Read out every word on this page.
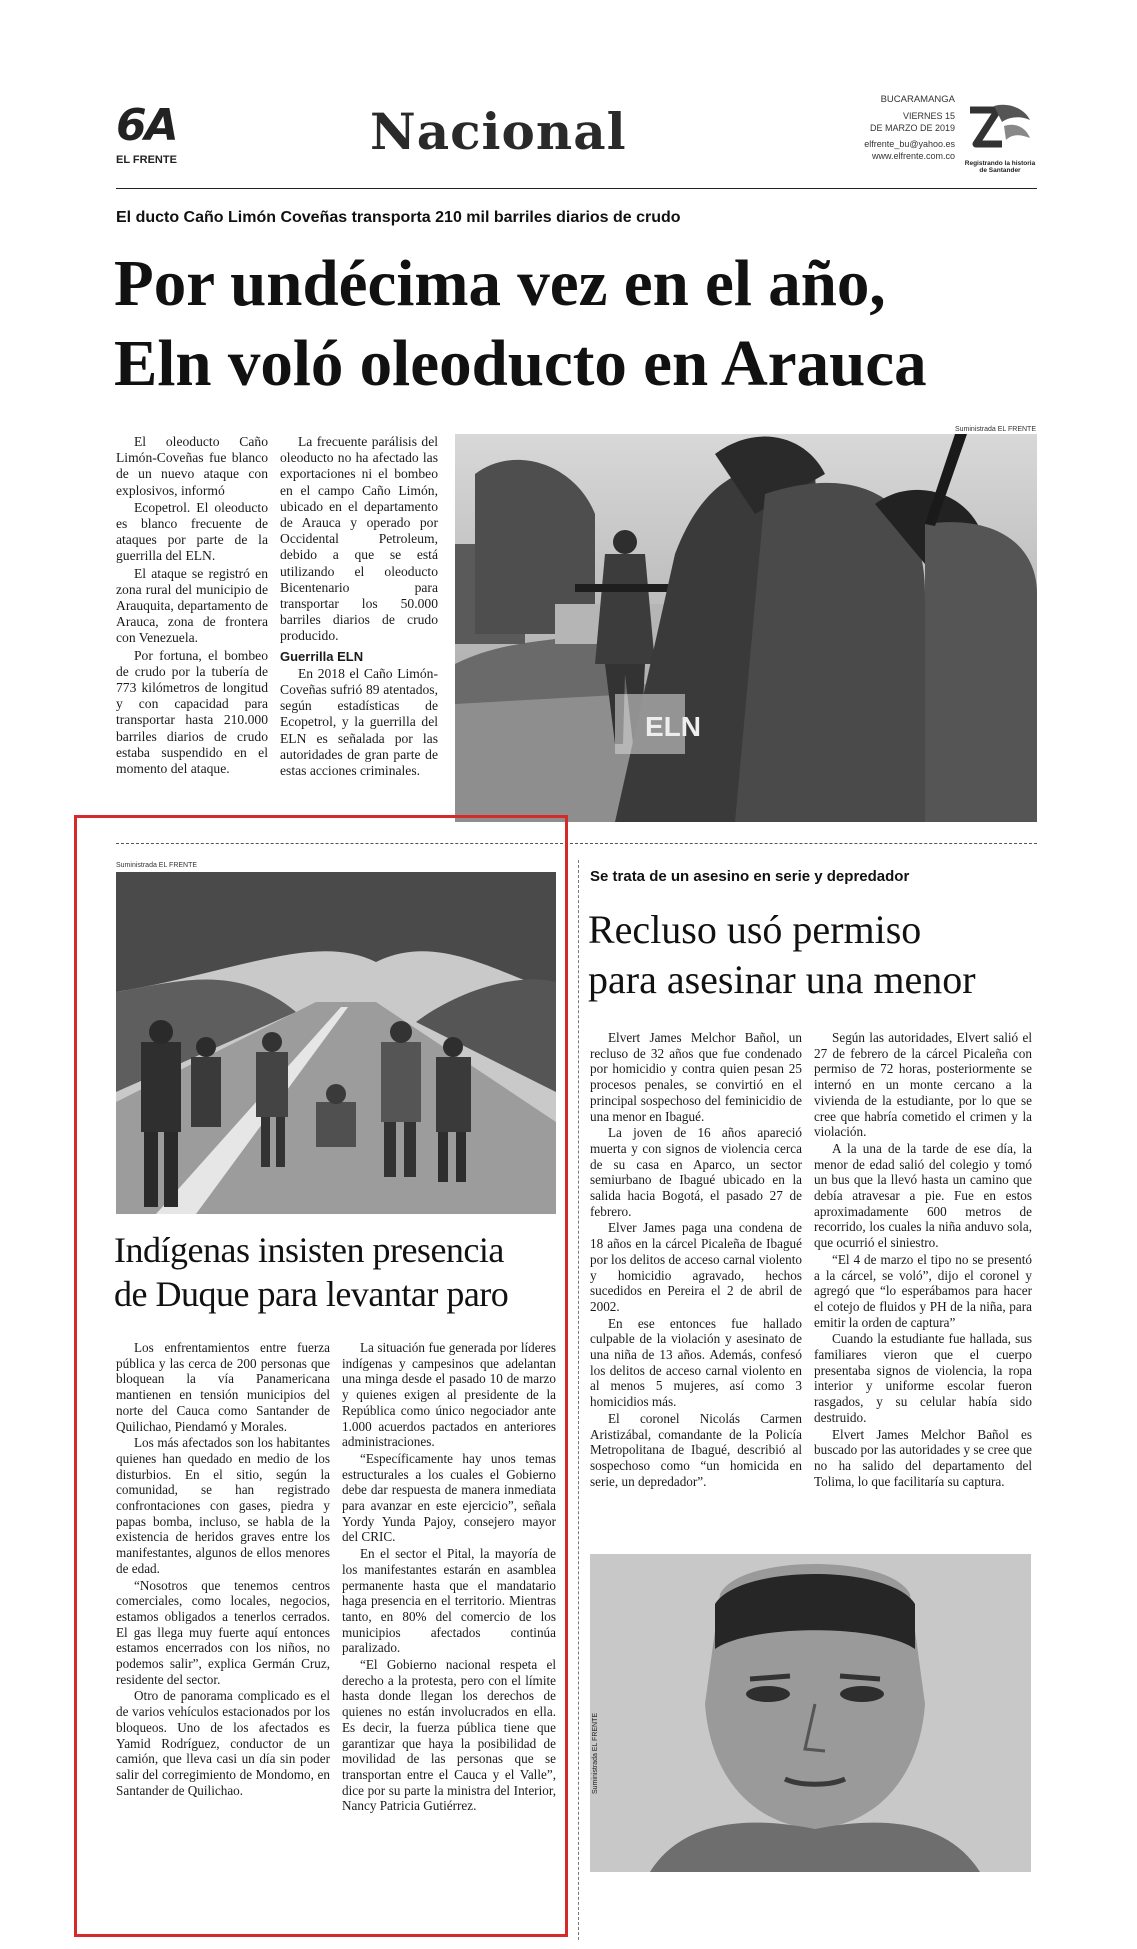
6A
EL FRENTE	Nacional
BUCARAMANGA
VIERNES 15
DE MARZO DE 2019
elfrente_bu@yahoo.es
www.elfrente.com.co
Registrando la historia de Santander
El ducto Caño Limón Coveñas transporta 210 mil barriles diarios de crudo
Por undécima vez en el año,
Eln voló oleoducto en Arauca

El oleoducto Caño Limón-Coveñas fue blanco de un nuevo ataque con explosivos, informó

Ecopetrol. El oleoducto es blanco frecuente de ataques por parte de la guerrilla del ELN.

El ataque se registró en zona rural del municipio de Arauquita, departamento de Arauca, zona de frontera con Venezuela.

Por fortuna, el bombeo de crudo por la tubería de 773 kilómetros de longitud y con capacidad para transportar hasta 210.000 barriles diarios de crudo estaba suspendido en el momento del ataque.

La frecuente parálisis del oleoducto no ha afectado las exportaciones ni el bombeo en el campo Caño Limón, ubicado en el departamento de Arauca y operado por Occidental Petroleum, debido a que se está utilizando el oleoducto Bicentenario para transportar los 50.000 barriles diarios de crudo producido.

Guerrilla ELN

En 2018 el Caño Limón-Coveñas sufrió 89 atentados, según estadísticas de Ecopetrol, y la guerrilla del ELN es señalada por las autoridades de gran parte de estas acciones criminales.

Suministrada EL FRENTE
ELN
Suministrada EL FRENTE
Indígenas insisten presencia
de Duque para levantar paro

Los enfrentamientos entre fuerza pública y las cerca de 200 personas que bloquean la vía Panamericana mantienen en tensión municipios del norte del Cauca como Santander de Quilichao, Piendamó y Morales.

Los más afectados son los habitantes quienes han quedado en medio de los disturbios. En el sitio, según la comunidad, se han registrado confrontaciones con gases, piedra y papas bomba, incluso, se habla de la existencia de heridos graves entre los manifestantes, algunos de ellos menores de edad.

“Nosotros que tenemos centros comerciales, como locales, negocios, estamos obligados a tenerlos cerrados. El gas llega muy fuerte aquí entonces estamos encerrados con los niños, no podemos salir”, explica Germán Cruz, residente del sector.

Otro de panorama complicado es el de varios vehículos estacionados por los bloqueos. Uno de los afectados es Yamid Rodríguez, conductor de un camión, que lleva casi un día sin poder salir del corregimiento de Mondomo, en Santander de Quilichao.

La situación fue generada por líderes indígenas y campesinos que adelantan una minga desde el pasado 10 de marzo y quienes exigen al presidente de la República como único negociador ante 1.000 acuerdos pactados en anteriores administraciones.

“Específicamente hay unos temas estructurales a los cuales el Gobierno debe dar respuesta de manera inmediata para avanzar en este ejercicio”, señala Yordy Yunda Pajoy, consejero mayor del CRIC.

En el sector el Pital, la mayoría de los manifestantes estarán en asamblea permanente hasta que el mandatario haga presencia en el territorio. Mientras tanto, en 80% del comercio de los municipios afectados continúa paralizado.

“El Gobierno nacional respeta el derecho a la protesta, pero con el límite hasta donde llegan los derechos de quienes no están involucrados en ella. Es decir, la fuerza pública tiene que garantizar que haya la posibilidad de movilidad de las personas que se transportan entre el Cauca y el Valle”, dice por su parte la ministra del Interior, Nancy Patricia Gutiérrez.

Se trata de un asesino en serie y depredador
Recluso usó permiso
para asesinar una menor

Elvert James Melchor Bañol, un recluso de 32 años que fue condenado por homicidio y contra quien pesan 25 procesos penales, se convirtió en el principal sospechoso del feminicidio de una menor en Ibagué.

La joven de 16 años apareció muerta y con signos de violencia cerca de su casa en Aparco, un sector semiurbano de Ibagué ubicado en la salida hacia Bogotá, el pasado 27 de febrero.

Elver James paga una condena de 18 años en la cárcel Picaleña de Ibagué por los delitos de acceso carnal violento y homicidio agravado, hechos sucedidos en Pereira el 2 de abril de 2002.

En ese entonces fue hallado culpable de la violación y asesinato de una niña de 13 años. Además, confesó los delitos de acceso carnal violento en al menos 5 mujeres, así como 3 homicidios más.

El coronel Nicolás Carmen Aristizábal, comandante de la Policía Metropolitana de Ibagué, describió al sospechoso como “un homicida en serie, un depredador”.

Según las autoridades, Elvert salió el 27 de febrero de la cárcel Picaleña con permiso de 72 horas, posteriormente se internó en un monte cercano a la vivienda de la estudiante, por lo que se cree que habría cometido el crimen y la violación.

A la una de la tarde de ese día, la menor de edad salió del colegio y tomó un bus que la llevó hasta un camino que debía atravesar a pie. Fue en estos aproximadamente 600 metros de recorrido, los cuales la niña anduvo sola, que ocurrió el siniestro.

“El 4 de marzo el tipo no se presentó a la cárcel, se voló”, dijo el coronel y agregó que “lo esperábamos para hacer el cotejo de fluidos y PH de la niña, para emitir la orden de captura”

Cuando la estudiante fue hallada, sus familiares vieron que el cuerpo presentaba signos de violencia, la ropa interior y uniforme escolar fueron rasgados, y su celular había sido destruido.

Elvert James Melchor Bañol es buscado por las autoridades y se cree que no ha salido del departamento del Tolima, lo que facilitaría su captura.

Suministrada EL FRENTE
